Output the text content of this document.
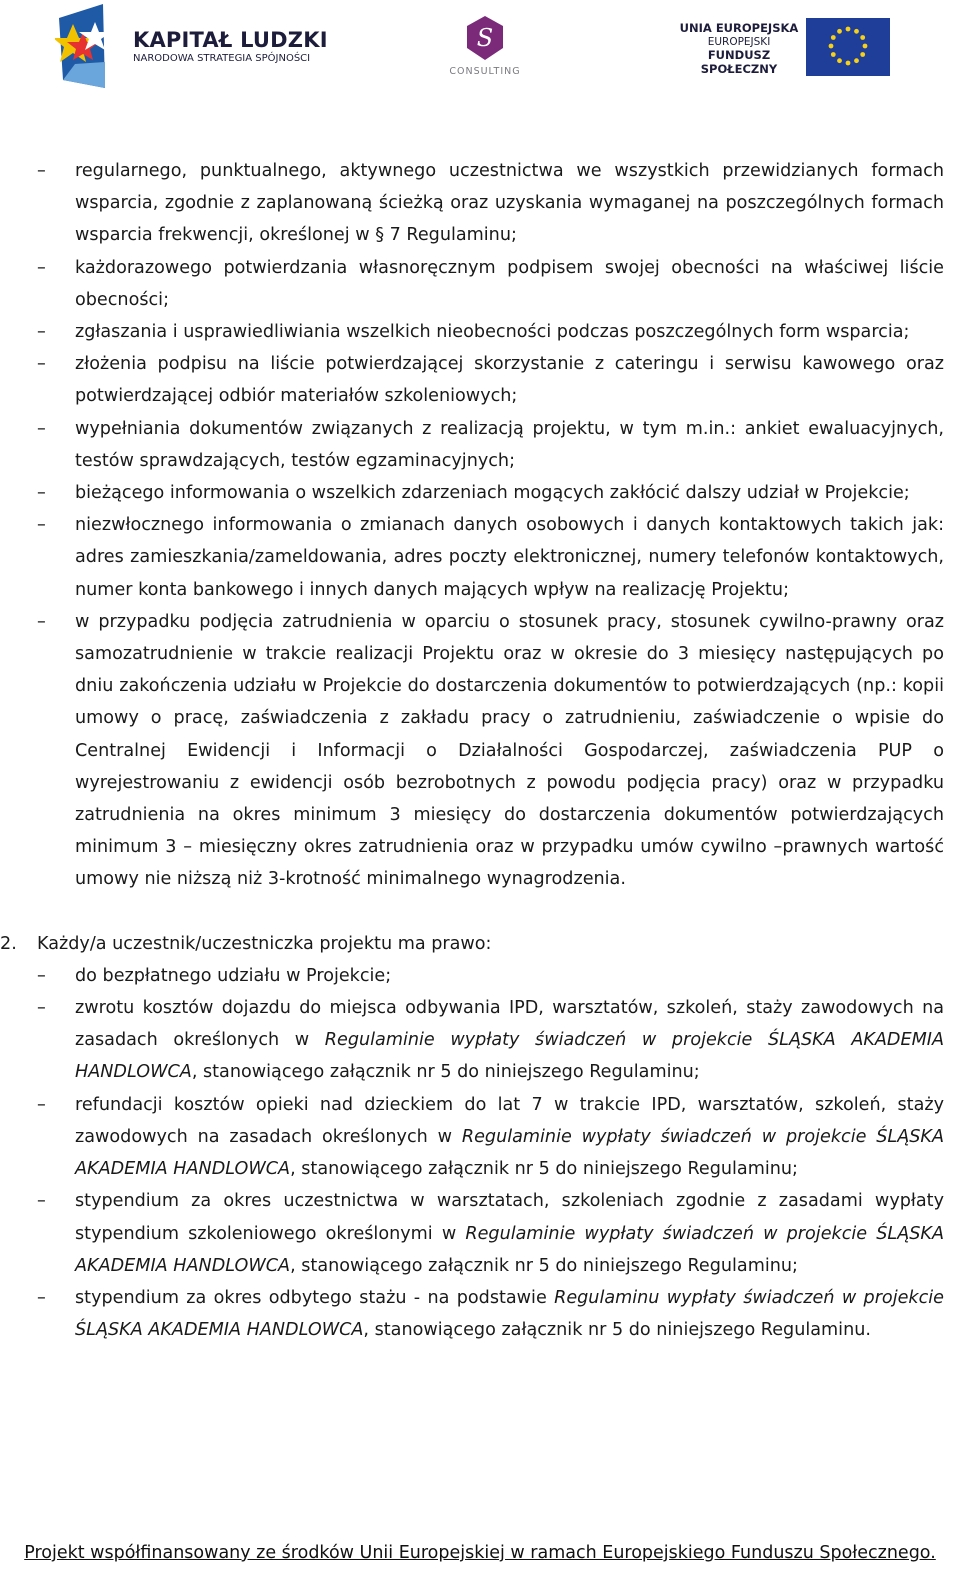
KAPITAŁ LUDZKI
NARODOWA STRATEGIA SPÓJNOŚCI
S
CONSULTING
UNIA EUROPEJSKA
EUROPEJSKI
FUNDUSZ SPOŁECZNY
– regularnego, punktualnego, aktywnego uczestnictwa we wszystkich przewidzianych formach wsparcia, zgodnie z zaplanowaną ścieżką oraz uzyskania wymaganej na poszczególnych formach wsparcia frekwencji, określonej w § 7 Regulaminu;
– każdorazowego potwierdzania własnoręcznym podpisem swojej obecności na właściwej liście obecności;
– zgłaszania i usprawiedliwiania wszelkich nieobecności podczas poszczególnych form wsparcia;
– złożenia podpisu na liście potwierdzającej skorzystanie z cateringu i serwisu kawowego oraz potwierdzającej odbiór materiałów szkoleniowych;
– wypełniania dokumentów związanych z realizacją projektu, w tym m.in.: ankiet ewaluacyjnych, testów sprawdzających, testów egzaminacyjnych;
– bieżącego informowania o wszelkich zdarzeniach mogących zakłócić dalszy udział w Projekcie;
– niezwłocznego informowania o zmianach danych osobowych i danych kontaktowych takich jak: adres zamieszkania/zameldowania, adres poczty elektronicznej, numery telefonów kontaktowych, numer konta bankowego i innych danych mających wpływ na realizację Projektu;
– w przypadku podjęcia zatrudnienia w oparciu o stosunek pracy, stosunek cywilno-prawny oraz samozatrudnienie w trakcie realizacji Projektu oraz w okresie do 3 miesięcy następujących po dniu zakończenia udziału w Projekcie do dostarczenia dokumentów to potwierdzających (np.: kopii umowy o pracę, zaświadczenia z zakładu pracy o zatrudnieniu, zaświadczenie o wpisie do Centralnej Ewidencji i Informacji o Działalności Gospodarczej, zaświadczenia PUP o wyrejestrowaniu z ewidencji osób bezrobotnych z powodu podjęcia pracy) oraz w przypadku zatrudnienia na okres minimum 3 miesięcy do dostarczenia dokumentów potwierdzających minimum 3 – miesięczny okres zatrudnienia oraz w przypadku umów cywilno –prawnych wartość umowy nie niższą niż 3-krotność minimalnego wynagrodzenia.
2. Każdy/a uczestnik/uczestniczka projektu ma prawo:
– do bezpłatnego udziału w Projekcie;
– zwrotu kosztów dojazdu do miejsca odbywania IPD, warsztatów, szkoleń, staży zawodowych na zasadach określonych w Regulaminie wypłaty świadczeń w projekcie ŚLĄSKA AKADEMIA HANDLOWCA, stanowiącego załącznik nr 5 do niniejszego Regulaminu;
– refundacji kosztów opieki nad dzieckiem do lat 7 w trakcie IPD, warsztatów, szkoleń, staży zawodowych na zasadach określonych w Regulaminie wypłaty świadczeń w projekcie ŚLĄSKA AKADEMIA HANDLOWCA, stanowiącego załącznik nr 5 do niniejszego Regulaminu;
– stypendium za okres uczestnictwa w warsztatach, szkoleniach zgodnie z zasadami wypłaty stypendium szkoleniowego określonymi w Regulaminie wypłaty świadczeń w projekcie ŚLĄSKA AKADEMIA HANDLOWCA, stanowiącego załącznik nr 5 do niniejszego Regulaminu;
– stypendium za okres odbytego stażu - na podstawie Regulaminu wypłaty świadczeń w projekcie ŚLĄSKA AKADEMIA HANDLOWCA, stanowiącego załącznik nr 5 do niniejszego Regulaminu.
Projekt współfinansowany ze środków Unii Europejskiej w ramach Europejskiego Funduszu Społecznego.
